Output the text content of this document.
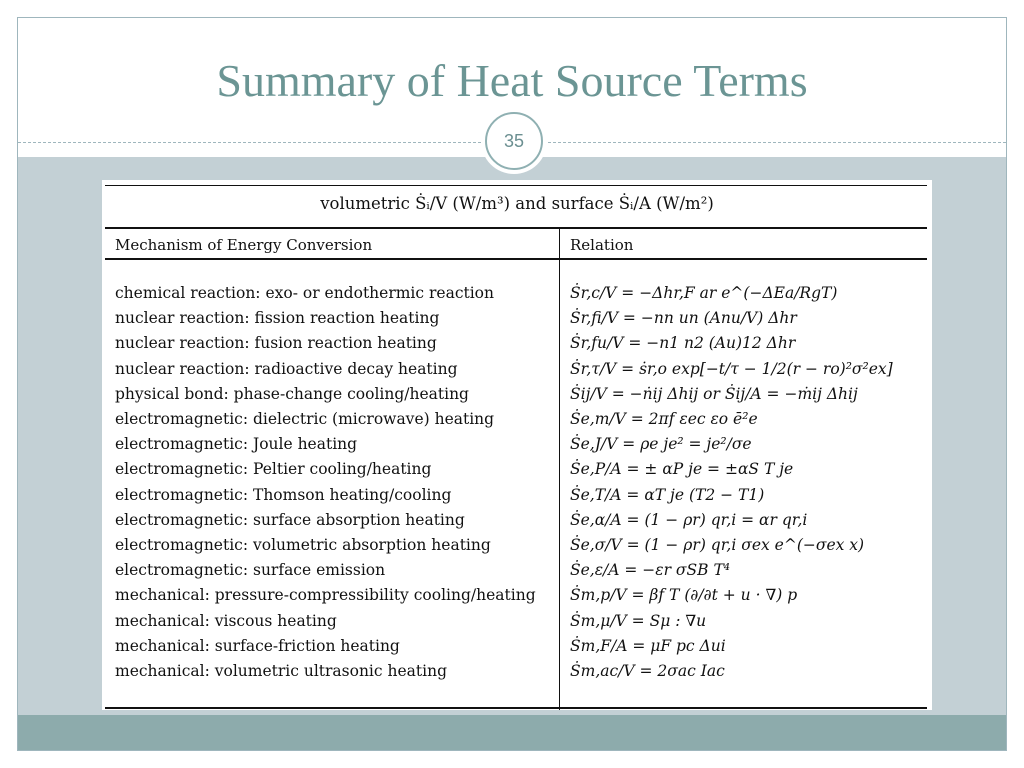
Summary of Heat Source Terms
35
volumetric Ṡᵢ/V (W/m³) and surface Ṡᵢ/A (W/m²)
Mechanism of Energy Conversion	Relation
chemical reaction: exo- or endothermic reaction	Ṡr,c/V = −Δhr,F ar e^(−ΔEa/RgT)
nuclear reaction: fission reaction heating	Ṡr,fi/V = −nn un (Anu/V) Δhr
nuclear reaction: fusion reaction heating	Ṡr,fu/V = −n1 n2 (Au)12 Δhr
nuclear reaction: radioactive decay heating	Ṡr,τ/V = ṡr,o exp[−t/τ − 1/2(r − ro)²σ²ex]
physical bond: phase-change cooling/heating	Ṡij/V = −ṅij Δhij or Ṡij/A = −ṁij Δhij
electromagnetic: dielectric (microwave) heating	Ṡe,m/V = 2πf εec εo ē²e
electromagnetic: Joule heating	Ṡe,J/V = ρe je² = je²/σe
electromagnetic: Peltier cooling/heating	Ṡe,P/A = ± αP je = ±αS T je
electromagnetic: Thomson heating/cooling	Ṡe,T/A = αT je (T2 − T1)
electromagnetic: surface absorption heating	Ṡe,α/A = (1 − ρr) qr,i = αr qr,i
electromagnetic: volumetric absorption heating	Ṡe,σ/V = (1 − ρr) qr,i σex e^(−σex x)
electromagnetic: surface emission	Ṡe,ε/A = −εr σSB T⁴
mechanical: pressure-compressibility cooling/heating Ṡm,p/V = βf T (∂/∂t + u · ∇) p
mechanical: viscous heating	Ṡm,μ/V = Sμ : ∇u
mechanical: surface-friction heating	Ṡm,F/A = μF pc Δui
mechanical: volumetric ultrasonic heating	Ṡm,ac/V = 2σac Iac
